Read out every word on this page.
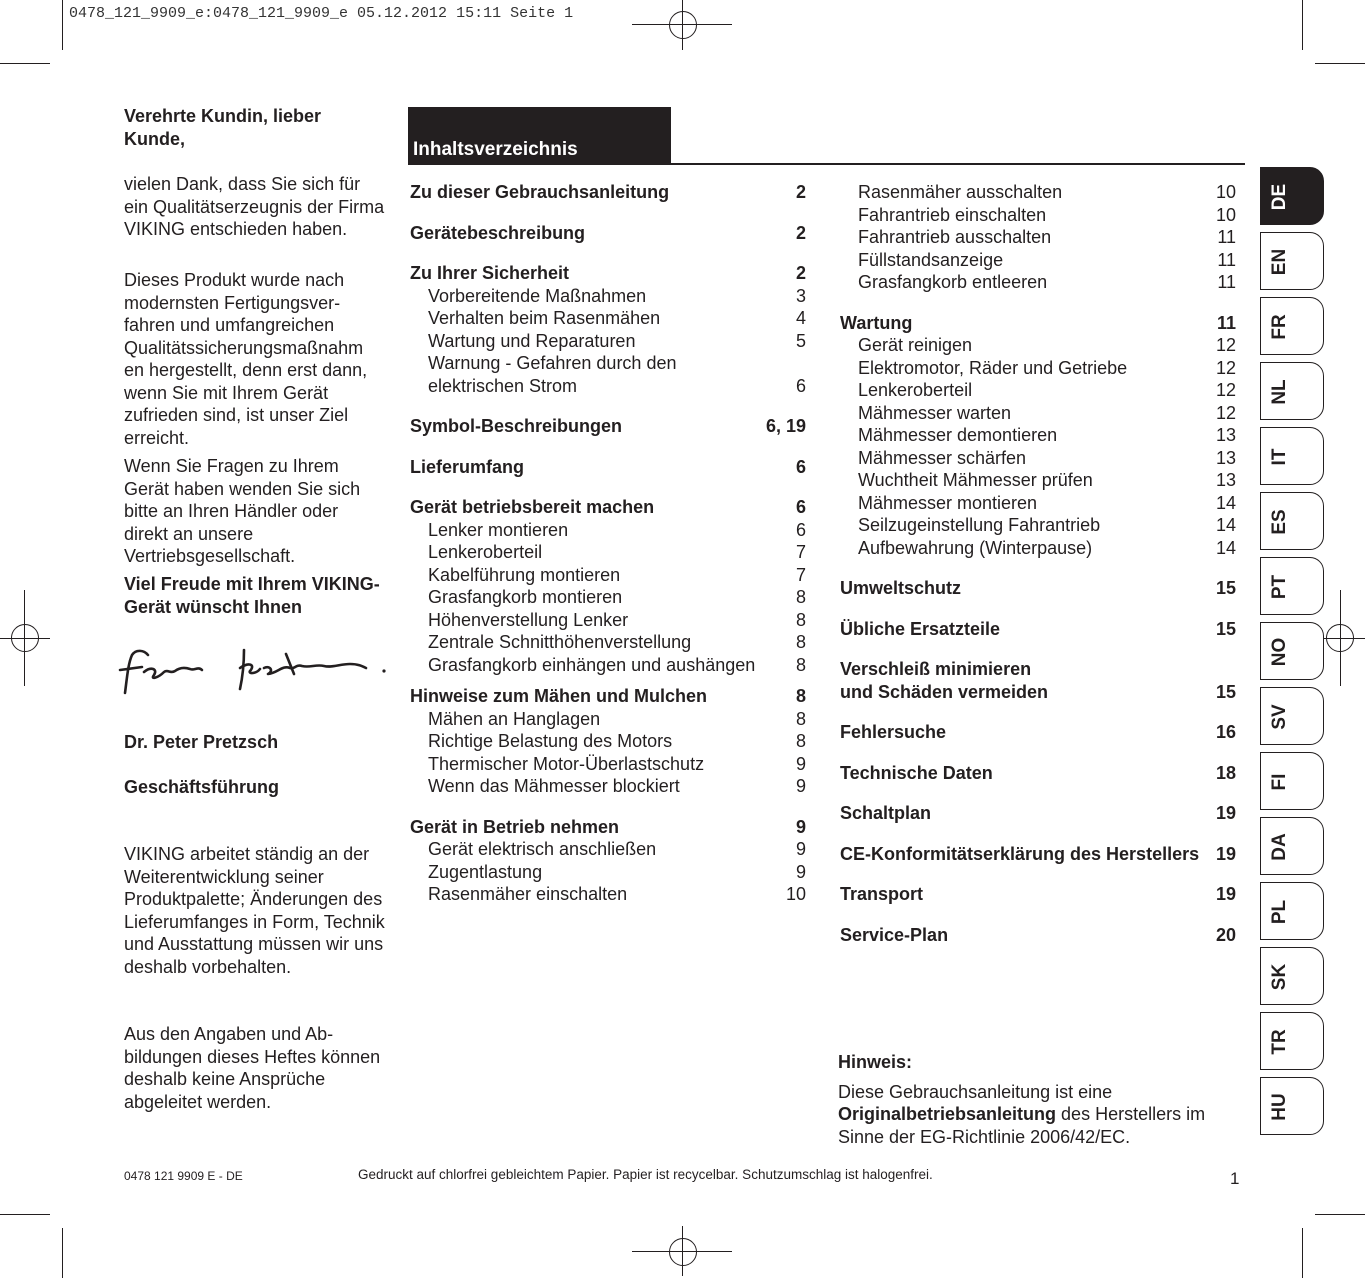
0478_121_9909_e:0478_121_9909_e 05.12.2012 15:11 Seite 1
Verehrte Kundin, lieber Kunde,
vielen Dank, dass Sie sich für ein Qualitätserzeugnis der Firma VIKING entschieden haben.
Dieses Produkt wurde nach modernsten Fertigungsver- fahren und umfangreichen Qualitätssicherungsmaßnahm en hergestellt, denn erst dann, wenn Sie mit Ihrem Gerät zufrieden sind, ist unser Ziel erreicht.
Wenn Sie Fragen zu Ihrem Gerät haben wenden Sie sich bitte an Ihren Händler oder direkt an unsere Vertriebsgesellschaft.
Viel Freude mit Ihrem VIKING-Gerät wünscht Ihnen
Dr. Peter Pretzsch
Geschäftsführung
VIKING arbeitet ständig an der Weiterentwicklung seiner Produktpalette; Änderungen des Lieferumfanges in Form, Technik und Ausstattung müssen wir uns deshalb vorbehalten.
Aus den Angaben und Ab- bildungen dieses Heftes können deshalb keine Ansprüche abgeleitet werden.
Inhaltsverzeichnis
Zu dieser Gebrauchsanleitung	2
Gerätebeschreibung	2
Zu Ihrer Sicherheit	2
Vorbereitende Maßnahmen	3
Verhalten beim Rasenmähen	4
Wartung und Reparaturen	5
Warnung - Gefahren durch den
elektrischen Strom	6
Symbol-Beschreibungen	6, 19
Lieferumfang	6
Gerät betriebsbereit machen	6
Lenker montieren	6
Lenkeroberteil	7
Kabelführung montieren	7
Grasfangkorb montieren	8
Höhenverstellung Lenker	8
Zentrale Schnitthöhenverstellung	8
Grasfangkorb einhängen und aushängen	8
Hinweise zum Mähen und Mulchen	8
Mähen an Hanglagen	8
Richtige Belastung des Motors	8
Thermischer Motor-Überlastschutz	9
Wenn das Mähmesser blockiert	9
Gerät in Betrieb nehmen	9
Gerät elektrisch anschließen	9
Zugentlastung	9
Rasenmäher einschalten	10
Rasenmäher ausschalten	10
Fahrantrieb einschalten	10
Fahrantrieb ausschalten	11
Füllstandsanzeige	11
Grasfangkorb entleeren	11
Wartung	11
Gerät reinigen	12
Elektromotor, Räder und Getriebe	12
Lenkeroberteil	12
Mähmesser warten	12
Mähmesser demontieren	13
Mähmesser schärfen	13
Wuchtheit Mähmesser prüfen	13
Mähmesser montieren	14
Seilzugeinstellung Fahrantrieb	14
Aufbewahrung (Winterpause)	14
Umweltschutz	15
Übliche Ersatzteile	15
Verschleiß minimieren
und Schäden vermeiden	15
Fehlersuche	16
Technische Daten	18
Schaltplan	19
CE-Konformitätserklärung des Herstellers 19
Transport	19
Service-Plan	20
Hinweis:
Diese Gebrauchsanleitung ist eine Originalbetriebsanleitung des Herstellers im Sinne der EG-Richtlinie 2006/42/EC.
0478 121 9909 E - DE	Gedruckt auf chlorfrei gebleichtem Papier. Papier ist recycelbar. Schutzumschlag ist halogenfrei.	1
DE
EN
FR
NL
IT
ES
PT
NO
SV
FI
DA
PL
SK
TR
HU
